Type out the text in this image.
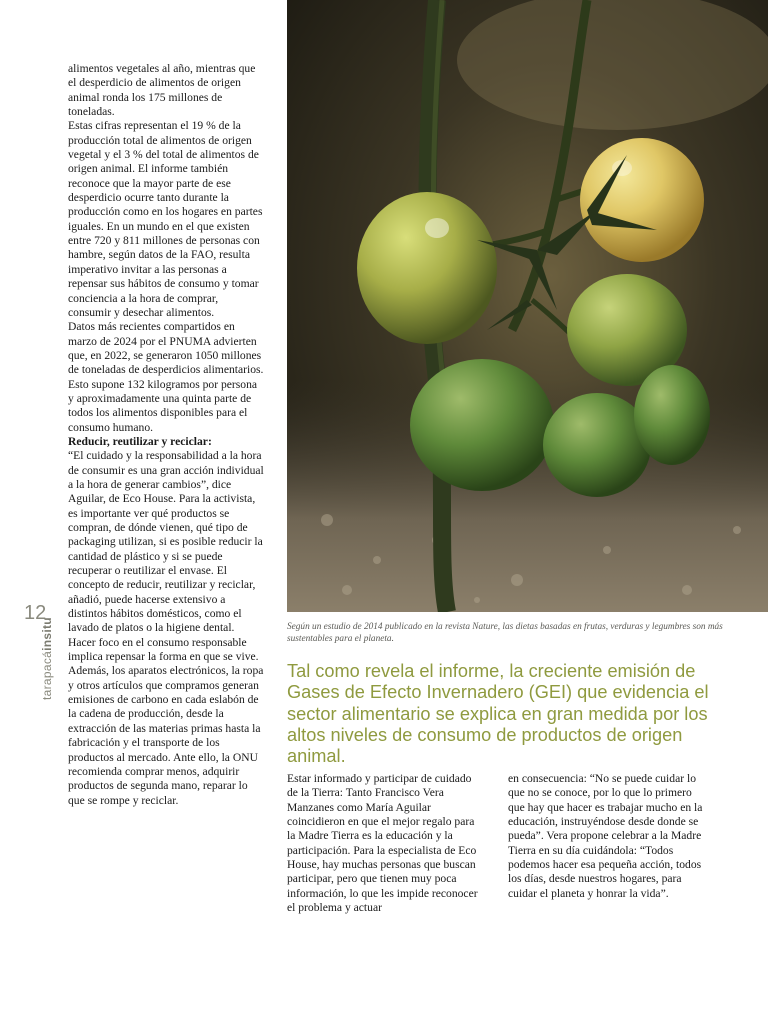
alimentos vegetales al año, mientras que el desperdicio de alimentos de origen animal ronda los 175 millones de toneladas.

Estas cifras representan el 19 % de la producción total de alimentos de origen vegetal y el 3 % del total de alimentos de origen animal. El informe también reconoce que la mayor parte de ese desperdicio ocurre tanto durante la producción como en los hogares en partes iguales. En un mundo en el que existen entre 720 y 811 millones de personas con hambre, según datos de la FAO, resulta imperativo invitar a las personas a repensar sus hábitos de consumo y tomar conciencia a la hora de comprar, consumir y desechar alimentos.

Datos más recientes compartidos en marzo de 2024 por el PNUMA advierten que, en 2022, se generaron 1050 millones de toneladas de desperdicios alimentarios. Esto supone 132 kilogramos por persona y aproximadamente una quinta parte de todos los alimentos disponibles para el consumo humano.

Reducir, reutilizar y reciclar:

“El cuidado y la responsabilidad a la hora de consumir es una gran acción individual a la hora de generar cambios”, dice Aguilar, de Eco House. Para la activista, es importante ver qué productos se compran, de dónde vienen, qué tipo de packaging utilizan, si es posible reducir la cantidad de plástico y si se puede recuperar o reutilizar el envase. El concepto de reducir, reutilizar y reciclar, añadió, puede hacerse extensivo a distintos hábitos domésticos, como el lavado de platos o la higiene dental. Hacer foco en el consumo responsable implica repensar la forma en que se vive.

Además, los aparatos electrónicos, la ropa y otros artículos que compramos generan emisiones de carbono en cada eslabón de la cadena de producción, desde la extracción de las materias primas hasta la fabricación y el transporte de los productos al mercado. Ante ello, la ONU recomienda comprar menos, adquirir productos de segunda mano, reparar lo que se rompe y reciclar.

12
tarapacáinsitu	Según un estudio de 2014 publicado en la revista Nature, las dietas basadas en frutas, verduras y legumbres son más sustentables para el planeta.

Tal como revela el informe, la creciente emisión de Gases de Efecto Invernadero (GEI) que evidencia el sector alimentario se explica en gran medida por los altos niveles de consumo de productos de origen animal.

Estar informado y participar de cuidado de la Tierra: Tanto Francisco Vera Manzanes como María Aguilar coincidieron en que el mejor regalo para la Madre Tierra es la educación y la participación. Para la especialista de Eco House, hay muchas personas que buscan participar, pero que tienen muy poca información, lo que les impide reconocer el problema y actuar

en consecuencia: “No se puede cuidar lo que no se conoce, por lo que lo primero que hay que hacer es trabajar mucho en la educación, instruyéndose desde donde se pueda”. Vera propone celebrar a la Madre Tierra en su día cuidándola: “Todos podemos hacer esa pequeña acción, todos los días, desde nuestros hogares, para cuidar el planeta y honrar la vida”.
